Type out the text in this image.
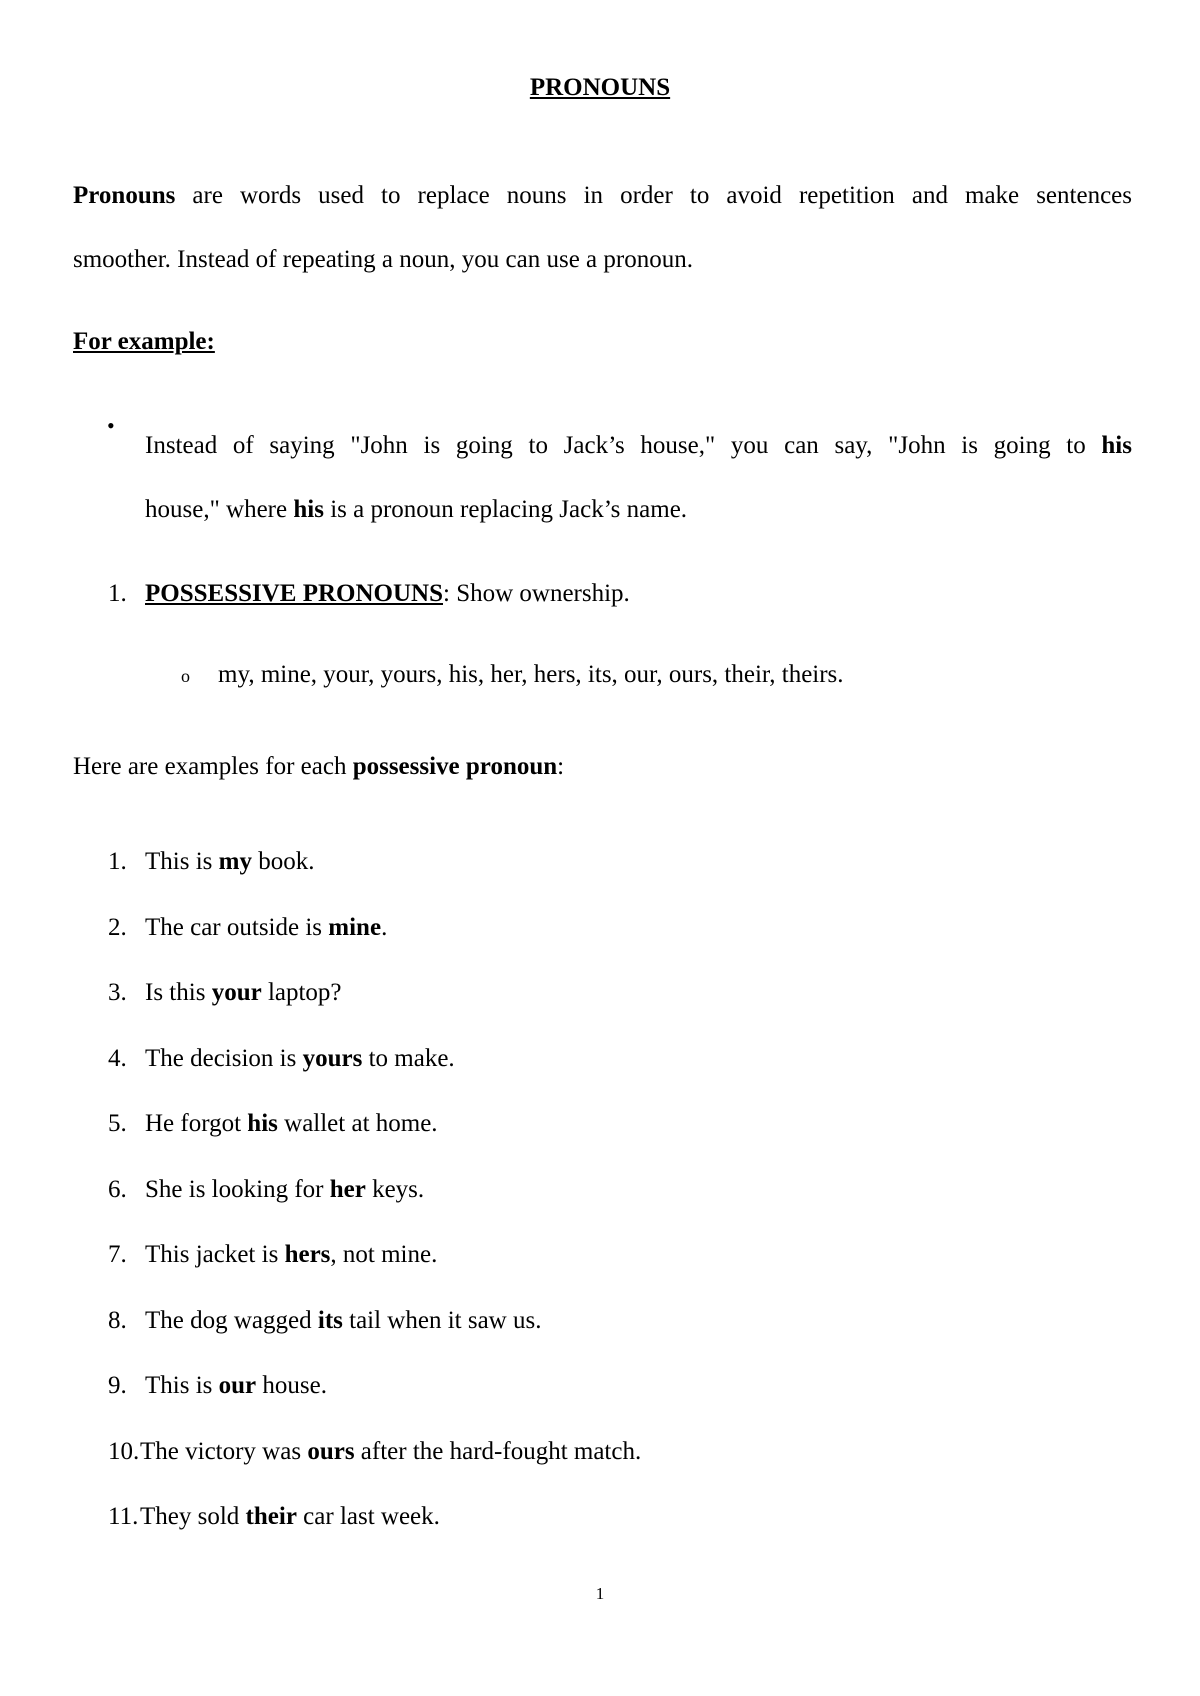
PRONOUNS
Pronouns are words used to replace nouns in order to avoid repetition and make sentences
smoother. Instead of repeating a noun, you can use a pronoun.
For example:
•
Instead of saying "John is going to Jack’s house," you can say, "John is going to his
house," where his is a pronoun replacing Jack’s name.
1. POSSESSIVE PRONOUNS: Show ownership.
o my, mine, your, yours, his, her, hers, its, our, ours, their, theirs.
Here are examples for each possessive pronoun:
1. This is my book.
2. The car outside is mine.
3. Is this your laptop?
4. The decision is yours to make.
5. He forgot his wallet at home.
6. She is looking for her keys.
7. This jacket is hers, not mine.
8. The dog wagged its tail when it saw us.
9. This is our house.
10. The victory was ours after the hard-fought match.
11. They sold their car last week.
1
